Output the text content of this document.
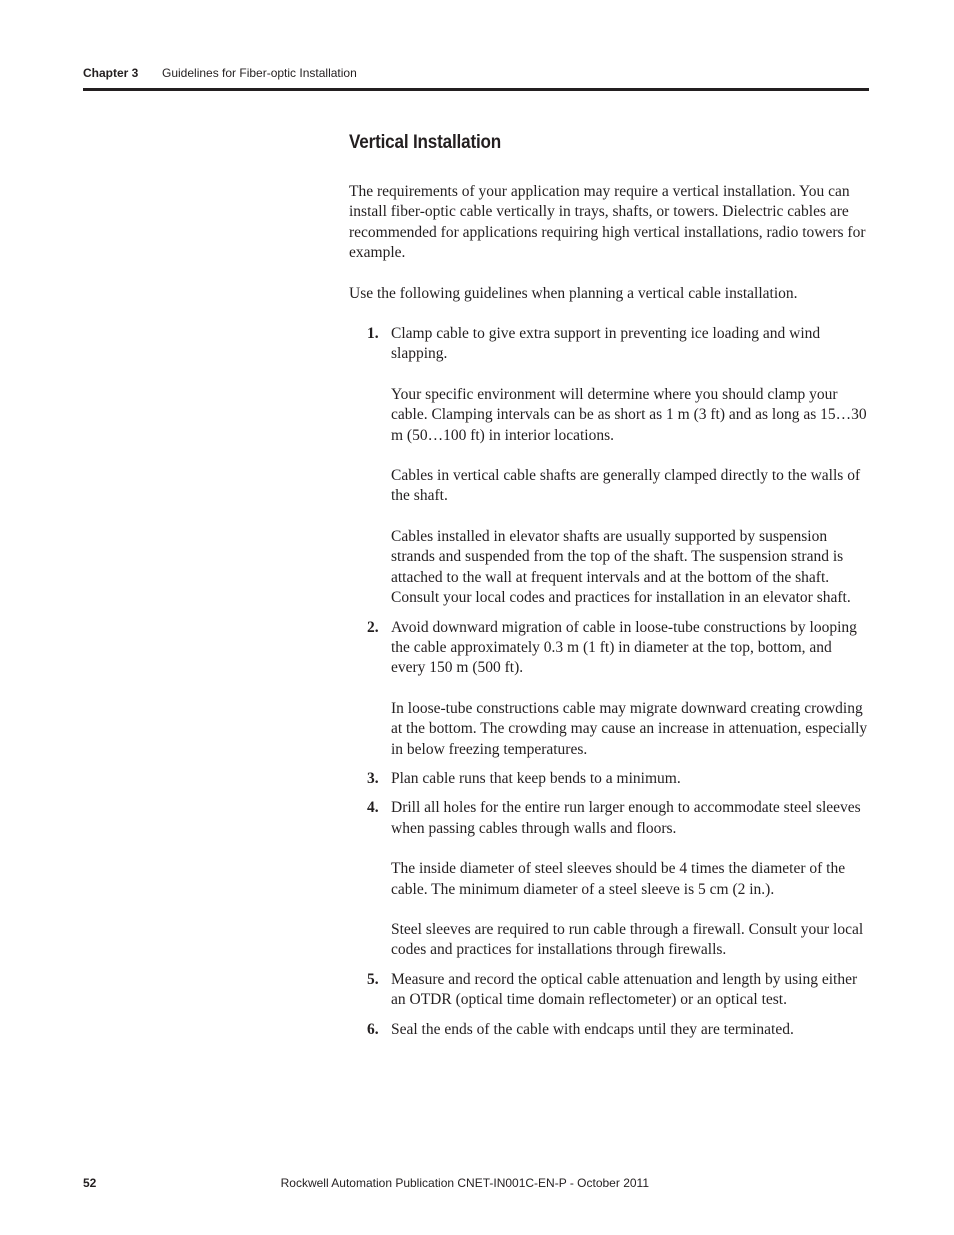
Chapter 3 Guidelines for Fiber-optic Installation
Vertical Installation

The requirements of your application may require a vertical installation. You can install fiber-optic cable vertically in trays, shafts, or towers. Dielectric cables are recommended for applications requiring high vertical installations, radio towers for example.

Use the following guidelines when planning a vertical cable installation.

1. Clamp cable to give extra support in preventing ice loading and wind slapping.

Your specific environment will determine where you should clamp your cable. Clamping intervals can be as short as 1 m (3 ft) and as long as 15…30 m (50…100 ft) in interior locations.

Cables in vertical cable shafts are generally clamped directly to the walls of the shaft.

Cables installed in elevator shafts are usually supported by suspension strands and suspended from the top of the shaft. The suspension strand is attached to the wall at frequent intervals and at the bottom of the shaft. Consult your local codes and practices for installation in an elevator shaft.

2. Avoid downward migration of cable in loose-tube constructions by looping the cable approximately 0.3 m (1 ft) in diameter at the top, bottom, and every 150 m (500 ft).

In loose-tube constructions cable may migrate downward creating crowding at the bottom. The crowding may cause an increase in attenuation, especially in below freezing temperatures.

3. Plan cable runs that keep bends to a minimum.

4. Drill all holes for the entire run larger enough to accommodate steel sleeves when passing cables through walls and floors.

The inside diameter of steel sleeves should be 4 times the diameter of the cable. The minimum diameter of a steel sleeve is 5 cm (2 in.).

Steel sleeves are required to run cable through a firewall. Consult your local codes and practices for installations through firewalls.

5. Measure and record the optical cable attenuation and length by using either an OTDR (optical time domain reflectometer) or an optical test.

6. Seal the ends of the cable with endcaps until they are terminated.

52	Rockwell Automation Publication CNET-IN001C-EN-P - October 2011
